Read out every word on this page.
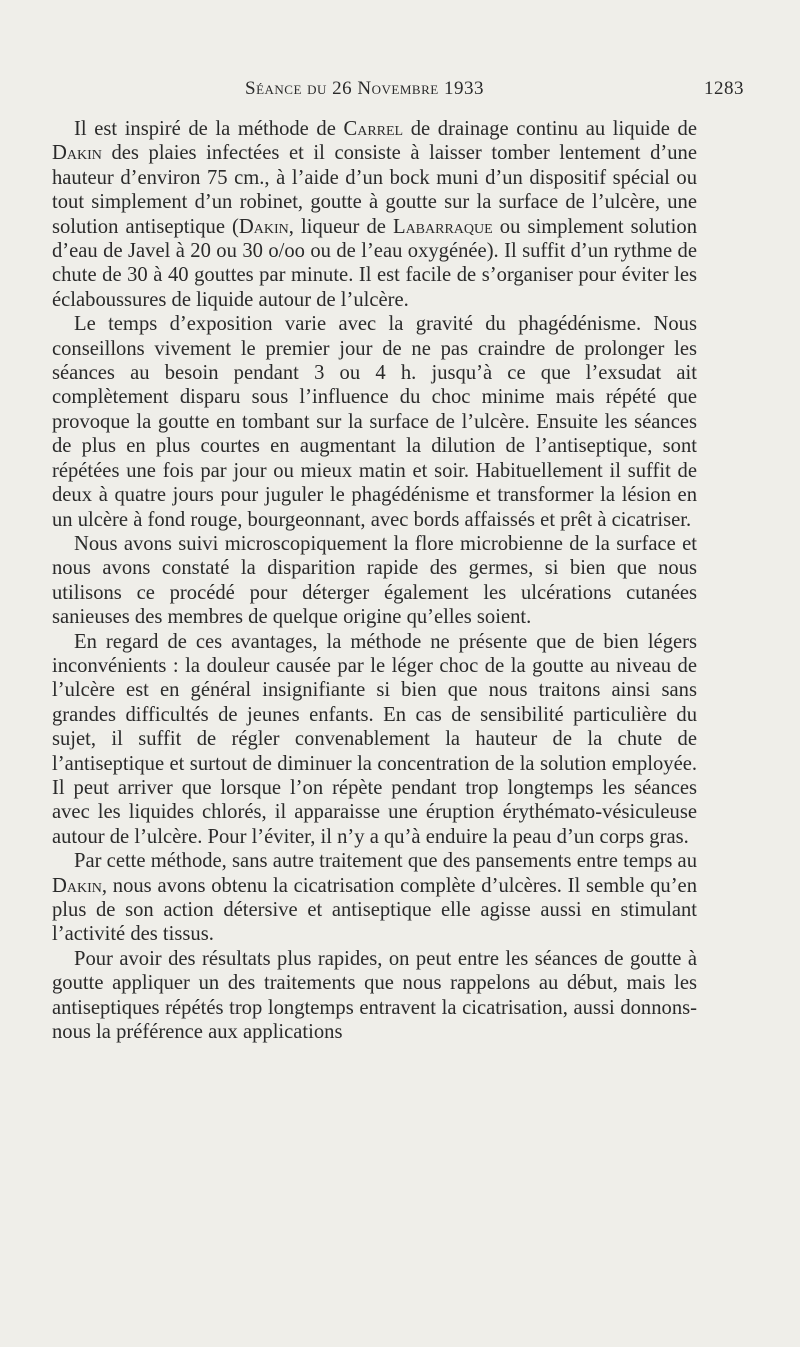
Séance du 26 Novembre 1933	1283

Il est inspiré de la méthode de Carrel de drainage continu au liquide de Dakin des plaies infectées et il consiste à laisser tomber lentement d’une hauteur d’environ 75 cm., à l’aide d’un bock muni d’un dispositif spécial ou tout simplement d’un robinet, goutte à goutte sur la surface de l’ulcère, une solution antiseptique (Dakin, liqueur de Labarraque ou simplement solution d’eau de Javel à 20 ou 30 o/oo ou de l’eau oxygénée). Il suffit d’un rythme de chute de 30 à 40 gouttes par minute. Il est facile de s’organiser pour éviter les éclaboussures de liquide autour de l’ulcère.

Le temps d’exposition varie avec la gravité du phagédénisme. Nous conseillons vivement le premier jour de ne pas craindre de prolonger les séances au besoin pendant 3 ou 4 h. jusqu’à ce que l’exsudat ait complètement disparu sous l’influence du choc minime mais répété que provoque la goutte en tombant sur la surface de l’ulcère. Ensuite les séances de plus en plus courtes en augmentant la dilution de l’antiseptique, sont répétées une fois par jour ou mieux matin et soir. Habituellement il suffit de deux à quatre jours pour juguler le phagédénisme et transformer la lésion en un ulcère à fond rouge, bourgeonnant, avec bords affaissés et prêt à cicatriser.

Nous avons suivi microscopiquement la flore microbienne de la surface et nous avons constaté la disparition rapide des germes, si bien que nous utilisons ce procédé pour déterger également les ulcérations cutanées sanieuses des membres de quelque origine qu’elles soient.

En regard de ces avantages, la méthode ne présente que de bien légers inconvénients : la douleur causée par le léger choc de la goutte au niveau de l’ulcère est en général insignifiante si bien que nous traitons ainsi sans grandes difficultés de jeunes enfants. En cas de sensibilité particulière du sujet, il suffit de régler convenablement la hauteur de la chute de l’antiseptique et surtout de diminuer la concentration de la solution employée. Il peut arriver que lorsque l’on répète pendant trop longtemps les séances avec les liquides chlorés, il apparaisse une éruption érythémato-vésiculeuse autour de l’ulcère. Pour l’éviter, il n’y a qu’à enduire la peau d’un corps gras.

Par cette méthode, sans autre traitement que des pansements entre temps au Dakin, nous avons obtenu la cicatrisation complète d’ulcères. Il semble qu’en plus de son action détersive et antiseptique elle agisse aussi en stimulant l’activité des tissus.

Pour avoir des résultats plus rapides, on peut entre les séances de goutte à goutte appliquer un des traitements que nous rappelons au début, mais les antiseptiques répétés trop longtemps entravent la cicatrisation, aussi donnons-nous la préférence aux applications
